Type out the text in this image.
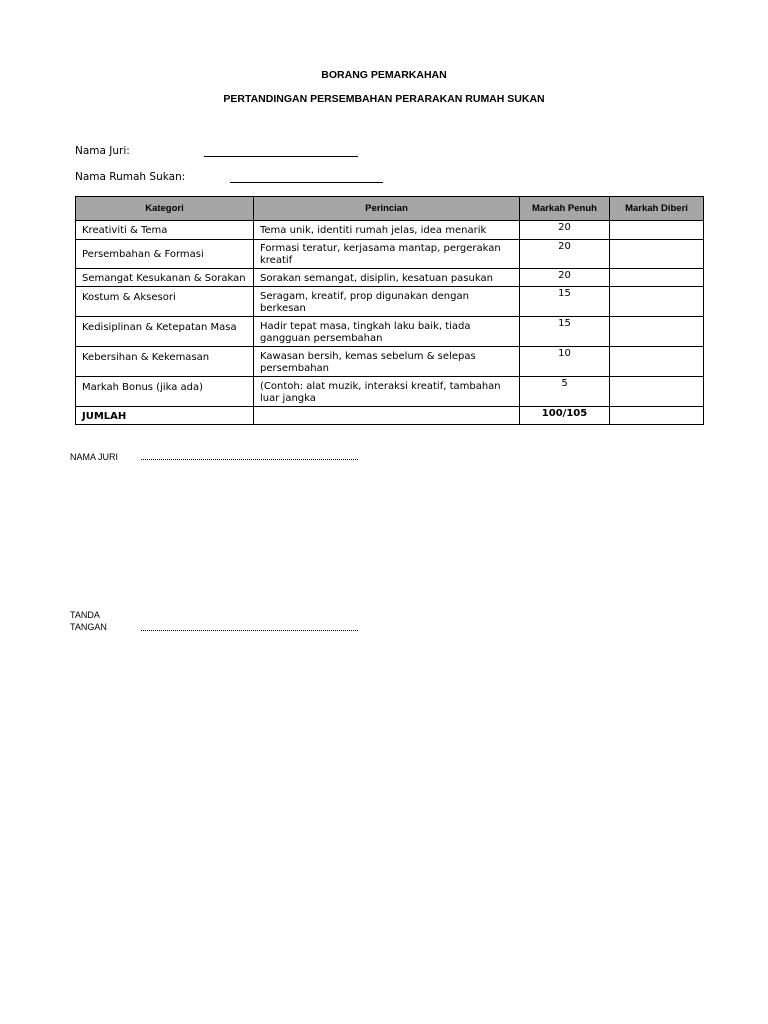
BORANG PEMARKAHAN
PERTANDINGAN PERSEMBAHAN PERARAKAN RUMAH SUKAN
Nama Juri:
Nama Rumah Sukan:
Kategori	Perincian	Markah Penuh	Markah Diberi
Kreativiti & Tema	Tema unik, identiti rumah jelas, idea menarik	20	
Persembahan & Formasi	Formasi teratur, kerjasama mantap, pergerakan kreatif	20	
Semangat Kesukanan & Sorakan	Sorakan semangat, disiplin, kesatuan pasukan	20	
Kostum & Aksesori	Seragam, kreatif, prop digunakan dengan berkesan	15	
Kedisiplinan & Ketepatan Masa	Hadir tepat masa, tingkah laku baik, tiada gangguan persembahan	15	
Kebersihan & Kekemasan	Kawasan bersih, kemas sebelum & selepas persembahan	10	
Markah Bonus (jika ada)	(Contoh: alat muzik, interaksi kreatif, tambahan luar jangka	5	
JUMLAH		100/105	
NAMA JURI
TANDA
TANGAN
